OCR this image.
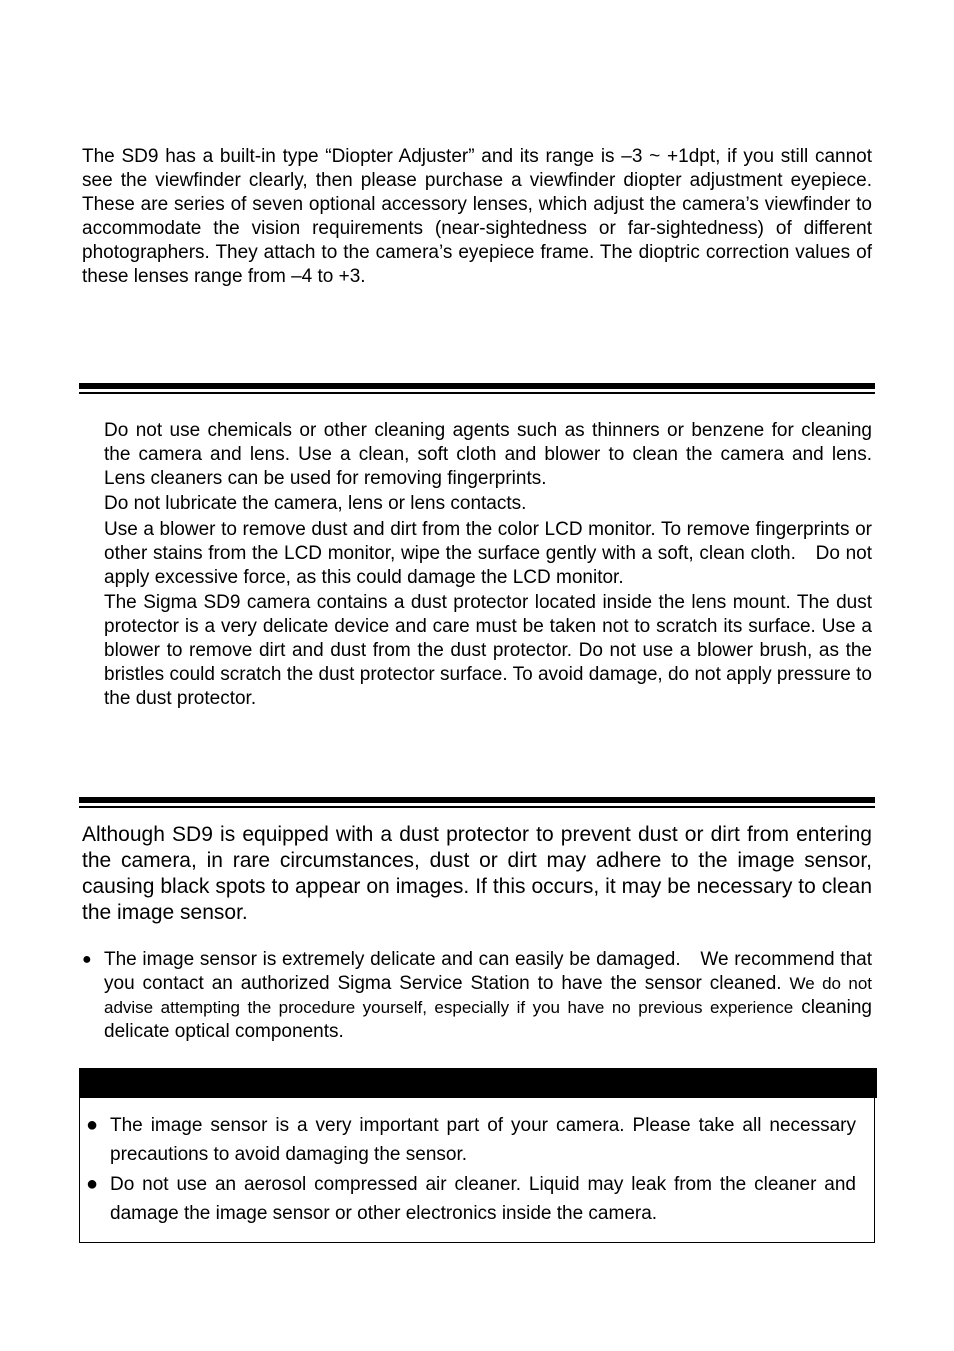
The SD9 has a built-in type “Diopter Adjuster” and its range is –3 ~ +1dpt, if you still cannot see the viewfinder clearly, then please purchase a viewfinder diopter adjustment eyepiece. These are series of seven optional accessory lenses, which adjust the camera’s viewfinder to accommodate the vision requirements (near-sightedness or far-sightedness) of different photographers. They attach to the camera’s eyepiece frame. The dioptric correction values of these lenses range from –4 to +3.

Do not use chemicals or other cleaning agents such as thinners or benzene for cleaning the camera and lens. Use a clean, soft cloth and blower to clean the camera and lens. Lens cleaners can be used for removing fingerprints.

Do not lubricate the camera, lens or lens contacts.

Use a blower to remove dust and dirt from the color LCD monitor. To remove fingerprints or other stains from the LCD monitor, wipe the surface gently with a soft, clean cloth.　Do not apply excessive force, as this could damage the LCD monitor.

The Sigma SD9 camera contains a dust protector located inside the lens mount. The dust protector is a very delicate device and care must be taken not to scratch its surface. Use a blower to remove dirt and dust from the dust protector. Do not use a blower brush, as the bristles could scratch the dust protector surface. To avoid damage, do not apply pressure to the dust protector.

Although SD9 is equipped with a dust protector to prevent dust or dirt from entering the camera, in rare circumstances, dust or dirt may adhere to the image sensor, causing black spots to appear on images. If this occurs, it may be necessary to clean the image sensor.

● The image sensor is extremely delicate and can easily be damaged.　We recommend that you contact an authorized Sigma Service Station to have the sensor cleaned. We do not advise attempting the procedure yourself, especially if you have no previous experience cleaning delicate optical components.
● The image sensor is a very important part of your camera. Please take all necessary precautions to avoid damaging the sensor.
● Do not use an aerosol compressed air cleaner. Liquid may leak from the cleaner and damage the image sensor or other electronics inside the camera.
